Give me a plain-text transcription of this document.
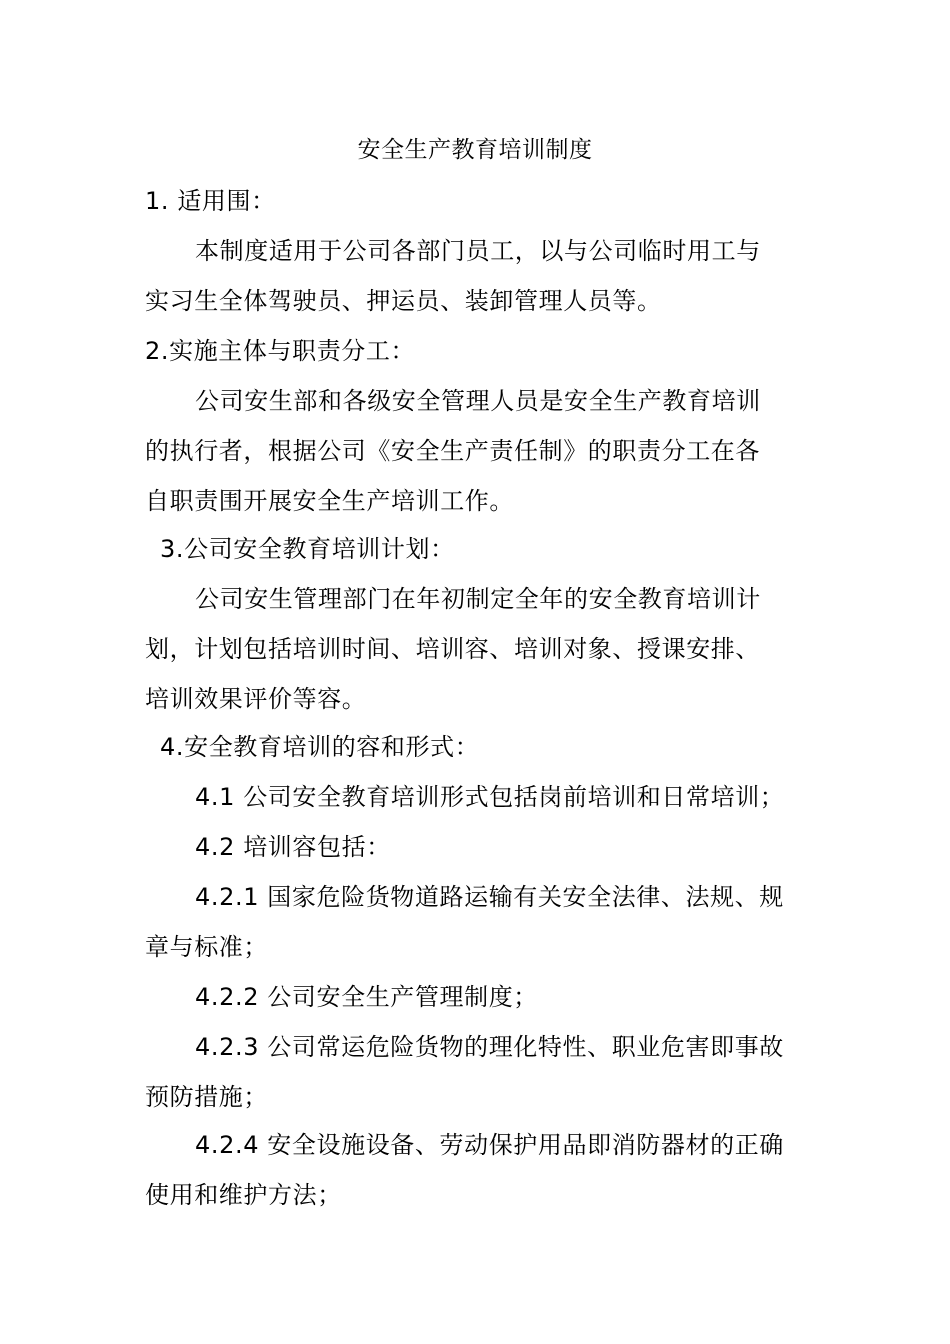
安全生产教育培训制度
1. 适用围：
本制度适用于公司各部门员工，以与公司临时用工与
实习生全体驾驶员、押运员、装卸管理人员等。
2.实施主体与职责分工：
公司安生部和各级安全管理人员是安全生产教育培训
的执行者，根据公司《安全生产责任制》的职责分工在各
自职责围开展安全生产培训工作。
3.公司安全教育培训计划：
公司安生管理部门在年初制定全年的安全教育培训计
划，计划包括培训时间、培训容、培训对象、授课安排、
培训效果评价等容。
4.安全教育培训的容和形式：
4.1 公司安全教育培训形式包括岗前培训和日常培训；
4.2 培训容包括：
4.2.1 国家危险货物道路运输有关安全法律、法规、规
章与标准；
4.2.2 公司安全生产管理制度；
4.2.3 公司常运危险货物的理化特性、职业危害即事故
预防措施；
4.2.4 安全设施设备、劳动保护用品即消防器材的正确
使用和维护方法；
